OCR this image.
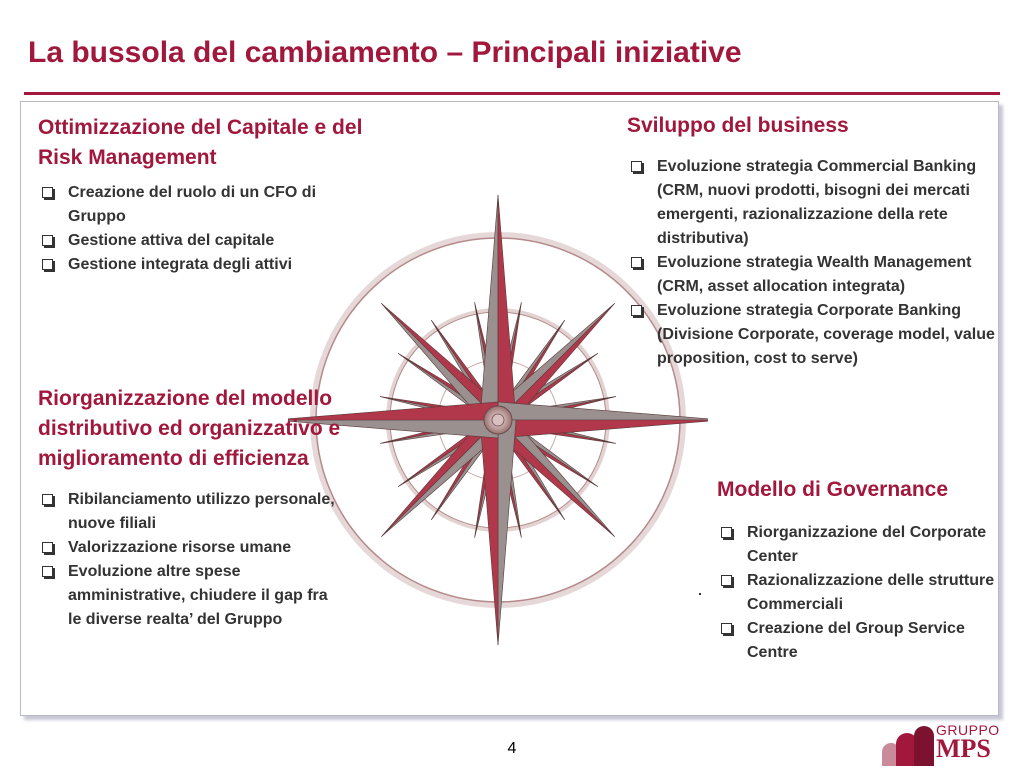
La bussola del cambiamento – Principali iniziative
Ottimizzazione del Capitale e del Risk Management
Creazione del ruolo di un CFO di Gruppo
Gestione attiva del capitale
Gestione integrata degli attivi
Sviluppo del business
Evoluzione strategia Commercial Banking (CRM, nuovi prodotti, bisogni dei mercati emergenti, razionalizzazione della rete distributiva)
Evoluzione strategia Wealth Management (CRM, asset allocation integrata)
Evoluzione strategia Corporate Banking (Divisione Corporate, coverage model, value proposition, cost to serve)
Riorganizzazione del modello distributivo ed organizzativo e miglioramento di efficienza
Ribilanciamento utilizzo personale, nuove filiali
Valorizzazione risorse umane
Evoluzione altre spese amministrative, chiudere il gap fra le diverse realta’ del Gruppo
Modello di Governance
Riorganizzazione del Corporate Center
Razionalizzazione delle strutture Commerciali
Creazione del Group Service Centre
4
GRUPPO
MPS
